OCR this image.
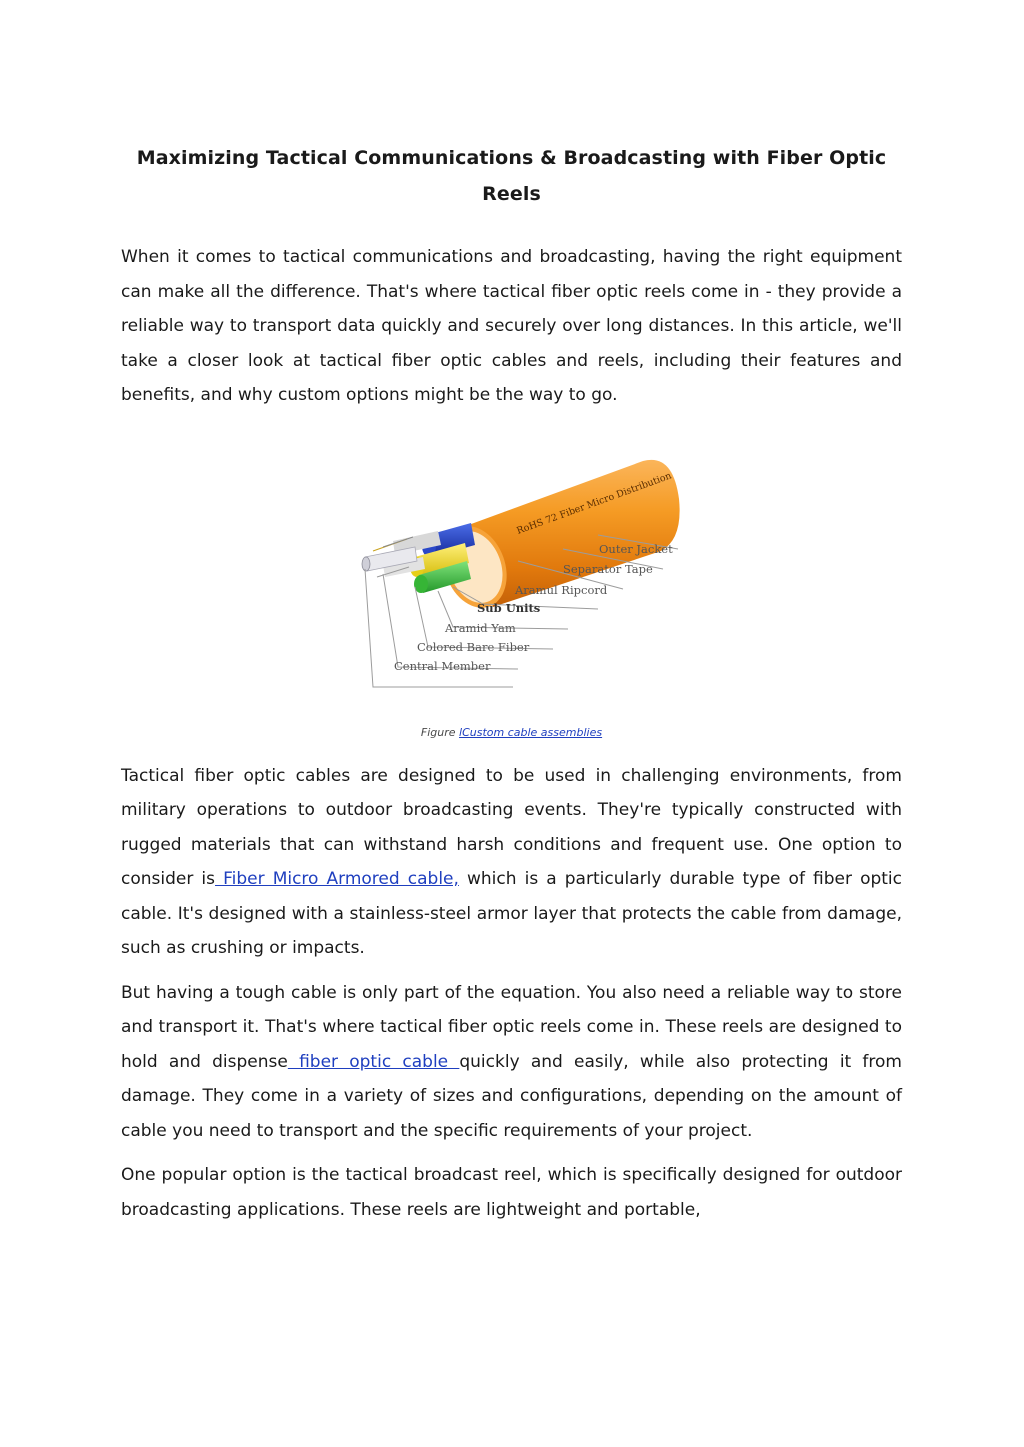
Maximizing Tactical Communications & Broadcasting with Fiber Optic Reels

When it comes to tactical communications and broadcasting, having the right equipment can make all the difference. That's where tactical fiber optic reels come in - they provide a reliable way to transport data quickly and securely over long distances. In this article, we'll take a closer look at tactical fiber optic cables and reels, including their features and benefits, and why custom options might be the way to go.

RoHS 72 Fiber Micro Distribution
Outer Jacket
Separator Tape
Aramul Ripcord
Sub Units
Aramid Yam
Colored Bare Fiber
Central Member
Figure lCustom cable assemblies

Tactical fiber optic cables are designed to be used in challenging environments, from military operations to outdoor broadcasting events. They're typically constructed with rugged materials that can withstand harsh conditions and frequent use. One option to consider is Fiber Micro Armored cable, which is a particularly durable type of fiber optic cable. It's designed with a stainless-steel armor layer that protects the cable from damage, such as crushing or impacts.

But having a tough cable is only part of the equation. You also need a reliable way to store and transport it. That's where tactical fiber optic reels come in. These reels are designed to hold and dispense fiber optic cable quickly and easily, while also protecting it from damage. They come in a variety of sizes and configurations, depending on the amount of cable you need to transport and the specific requirements of your project.

One popular option is the tactical broadcast reel, which is specifically designed for outdoor broadcasting applications. These reels are lightweight and portable,
